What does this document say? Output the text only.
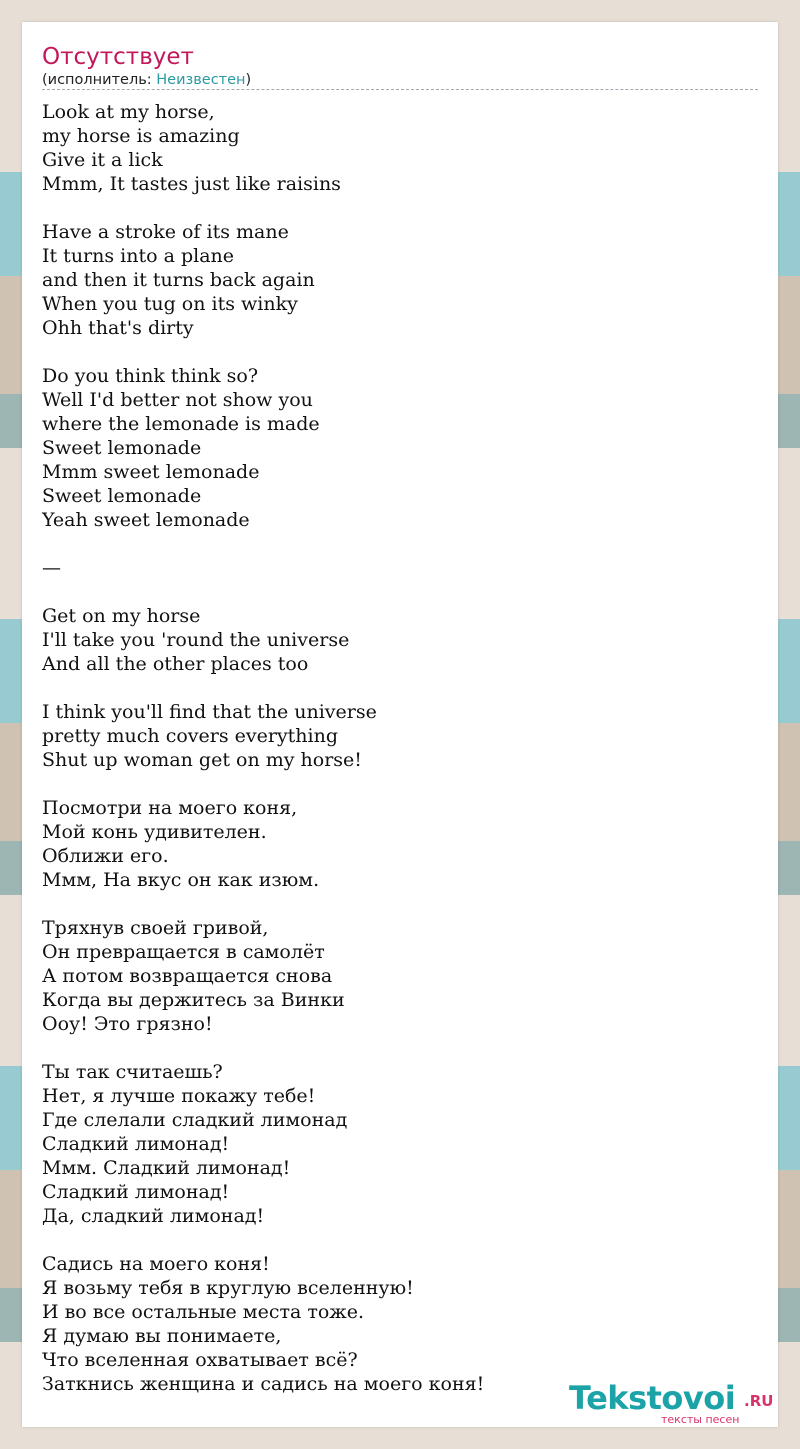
Отсутствует
(исполнитель: Неизвестен)
Look at my horse,
my horse is amazing
Give it a lick
Mmm, It tastes just like raisins

Have a stroke of its mane
It turns into a plane
and then it turns back again
When you tug on its winky
Ohh that's dirty

Do you think think so?
Well I'd better not show you
where the lemonade is made
Sweet lemonade
Mmm sweet lemonade
Sweet lemonade
Yeah sweet lemonade

—

Get on my horse
I'll take you 'round the universe
And all the other places too

I think you'll find that the universe
pretty much covers everything
Shut up woman get on my horse!

Посмотри на моего коня,
Мой конь удивителен.
Оближи его.
Ммм, На вкус он как изюм.

Тряхнув своей гривой,
Он превращается в самолёт
А потом возвращается снова
Когда вы держитесь за Винки
Ооу! Это грязно!

Ты так считаешь?
Нет, я лучше покажу тебе!
Где слелали сладкий лимонад
Сладкий лимонад!
Ммм. Сладкий лимонад!
Сладкий лимонад!
Да, сладкий лимонад!

Садись на моего коня!
Я возьму тебя в круглую вселенную!
И во все остальные места тоже.
Я думаю вы понимаете,
Что вселенная охватывает всё?
Заткнись женщина и садись на моего коня!	Tekstovoi .RU
тексты песен
